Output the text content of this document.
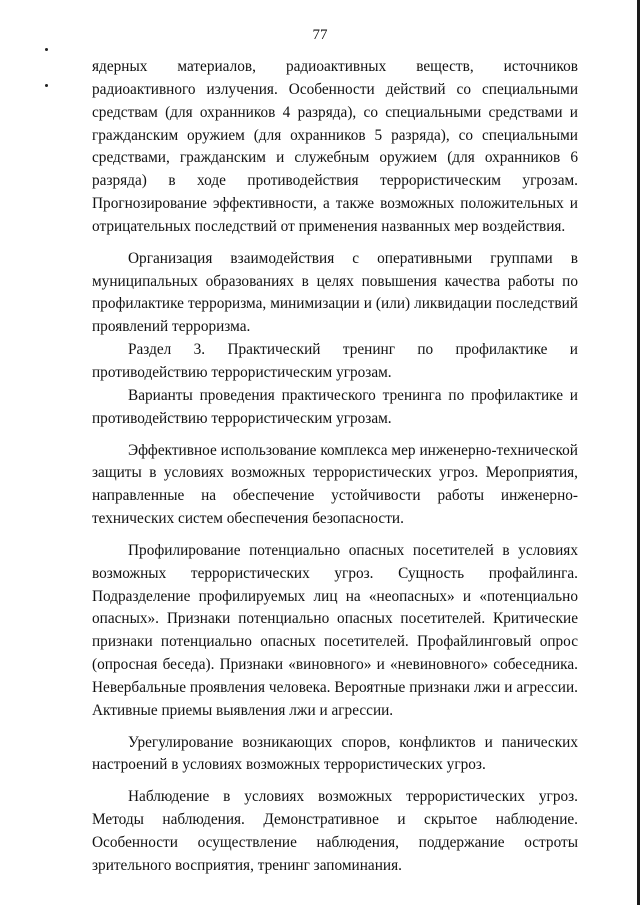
77

ядерных материалов, радиоактивных веществ, источников радиоактивного излучения. Особенности действий со специальными средствам (для охранников 4 разряда), со специальными средствами и гражданским оружием (для охранников 5 разряда), со специальными средствами, гражданским и служебным оружием (для охранников 6 разряда) в ходе противодействия террористическим угрозам. Прогнозирование эффективности, а также возможных положительных и отрицательных последствий от применения названных мер воздействия.

Организация взаимодействия с оперативными группами в муниципальных образованиях в целях повышения качества работы по профилактике терроризма, минимизации и (или) ликвидации последствий проявлений терроризма.

Раздел 3. Практический тренинг по профилактике и противодействию террористическим угрозам.

Варианты проведения практического тренинга по профилактике и противодействию террористическим угрозам.

Эффективное использование комплекса мер инженерно-технической защиты в условиях возможных террористических угроз. Мероприятия, направленные на обеспечение устойчивости работы инженерно-технических систем обеспечения безопасности.

Профилирование потенциально опасных посетителей в условиях возможных террористических угроз. Сущность профайлинга. Подразделение профилируемых лиц на «неопасных» и «потенциально опасных». Признаки потенциально опасных посетителей. Критические признаки потенциально опасных посетителей. Профайлинговый опрос (опросная беседа). Признаки «виновного» и «невиновного» собеседника. Невербальные проявления человека. Вероятные признаки лжи и агрессии. Активные приемы выявления лжи и агрессии.

Урегулирование возникающих споров, конфликтов и панических настроений в условиях возможных террористических угроз.

Наблюдение в условиях возможных террористических угроз. Методы наблюдения. Демонстративное и скрытое наблюдение. Особенности осуществление наблюдения, поддержание остроты зрительного восприятия, тренинг запоминания.
